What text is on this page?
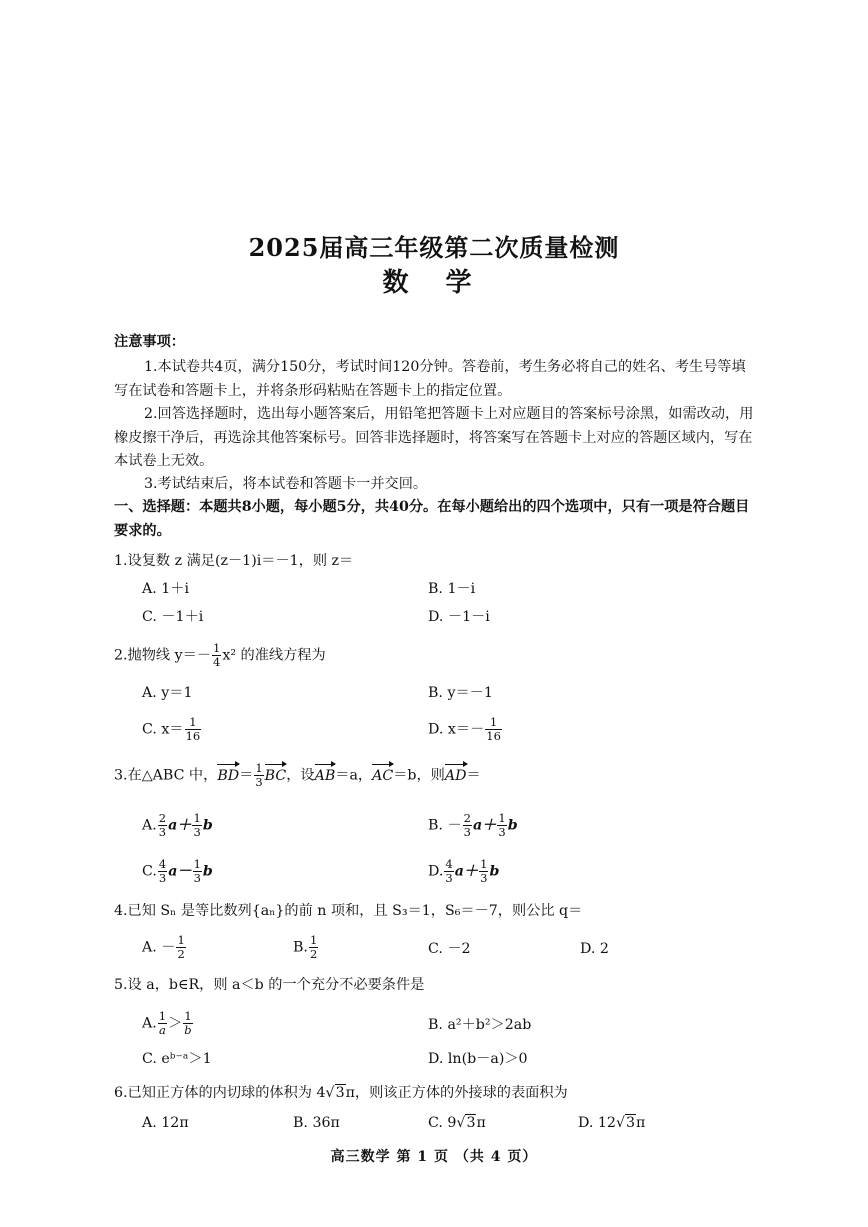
2025届高三年级第二次质量检测
数 学
注意事项：
1.本试卷共4页，满分150分，考试时间120分钟。答卷前，考生务必将自己的姓名、考生号等填写在试卷和答题卡上，并将条形码粘贴在答题卡上的指定位置。
2.回答选择题时，选出每小题答案后，用铅笔把答题卡上对应题目的答案标号涂黑，如需改动，用橡皮擦干净后，再选涂其他答案标号。回答非选择题时，将答案写在答题卡上对应的答题区域内，写在本试卷上无效。
3.考试结束后，将本试卷和答题卡一并交回。
一、选择题：本题共8小题，每小题5分，共40分。在每小题给出的四个选项中，只有一项是符合题目要求的。
1.设复数 z 满足(z－1)i＝－1，则 z＝
A. 1＋i	B. 1－i
C. －1＋i	D. －1－i
2.抛物线 $y=- \frac{1}{4} x^2$ 的准线方程为
A. y＝1	B. y＝－1
C. $x= \frac{1}{16}$	D. $x=- \frac{1}{16}$
3.在△ABC 中，$BD= \frac{1}{3}$ BC，设AB＝a，AC＝b，则AD＝
A. $\frac{2}{3} a+ \frac{1}{3}$ b	B. － $\frac{2}{3} a+ \frac{1}{3}$ b
C. $\frac{4}{3} a- \frac{1}{3}$ b	D. $\frac{4}{3} a+ \frac{1}{3}$ b
4.已知 Sₙ 是等比数列{aₙ}的前 n 项和，且 S₃＝1，S₆＝－7，则公比 q＝
A. － $\frac{1}{2}$	B. $\frac{1}{2}$	C. －2	D. 2
5.设 a，b∈R，则 a＜b 的一个充分不必要条件是
A. $\frac{1}{a} > \frac{1}{b}$	B. a²＋b²＞2ab
C. eᵇ⁻ᵃ＞1	D. ln(b－a)＞0
6.已知正方体的内切球的体积为 4√3π，则该正方体的外接球的表面积为
A. 12π	B. 36π	C. 9√3π	D. 12√3π
高三数学 第 1 页 （共 4 页）
